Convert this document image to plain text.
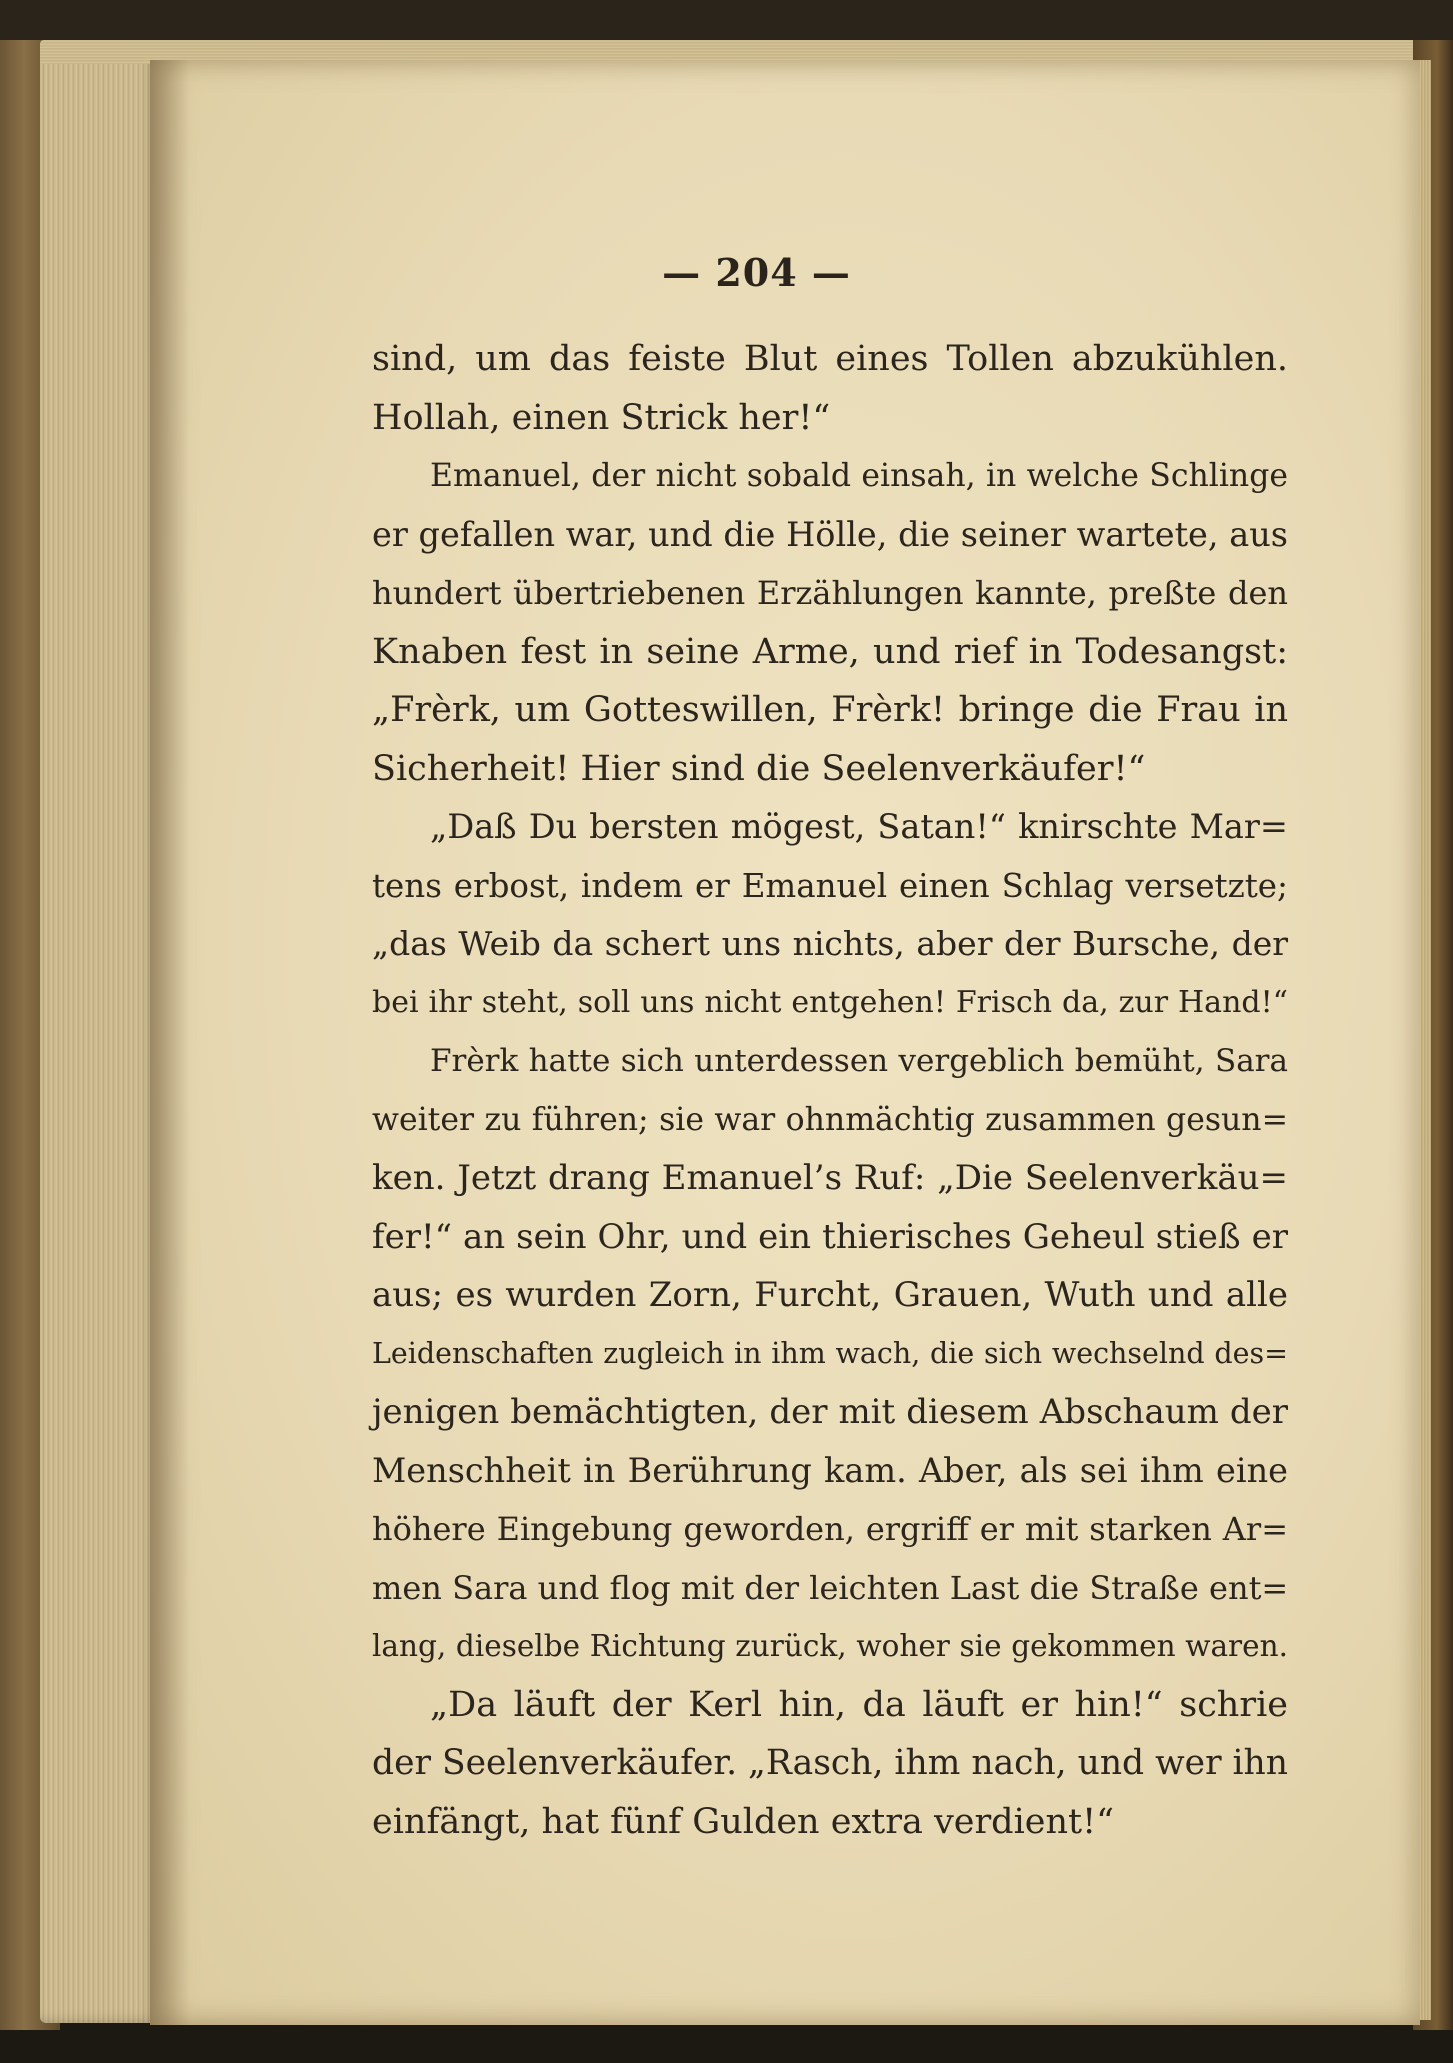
— 204 —
sind, um das feiste Blut eines Tollen abzukühlen.
Hollah, einen Strick her!“
Emanuel, der nicht sobald einsah, in welche Schlinge
er gefallen war, und die Hölle, die seiner wartete, aus
hundert übertriebenen Erzählungen kannte, preßte den
Knaben fest in seine Arme, und rief in Todesangst:
„Frèrk, um Gotteswillen, Frèrk! bringe die Frau in
Sicherheit! Hier sind die Seelenverkäufer!“
„Daß Du bersten mögest, Satan!“ knirschte Mar=
tens erbost, indem er Emanuel einen Schlag versetzte;
„das Weib da schert uns nichts, aber der Bursche, der
bei ihr steht, soll uns nicht entgehen! Frisch da, zur Hand!“
Frèrk hatte sich unterdessen vergeblich bemüht, Sara
weiter zu führen; sie war ohnmächtig zusammen gesun=
ken. Jetzt drang Emanuel’s Ruf: „Die Seelenverkäu=
fer!“ an sein Ohr, und ein thierisches Geheul stieß er
aus; es wurden Zorn, Furcht, Grauen, Wuth und alle
Leidenschaften zugleich in ihm wach, die sich wechselnd des=
jenigen bemächtigten, der mit diesem Abschaum der
Menschheit in Berührung kam. Aber, als sei ihm eine
höhere Eingebung geworden, ergriff er mit starken Ar=
men Sara und flog mit der leichten Last die Straße ent=
lang, dieselbe Richtung zurück, woher sie gekommen waren.
„Da läuft der Kerl hin, da läuft er hin!“ schrie
der Seelenverkäufer. „Rasch, ihm nach, und wer ihn
einfängt, hat fünf Gulden extra verdient!“
